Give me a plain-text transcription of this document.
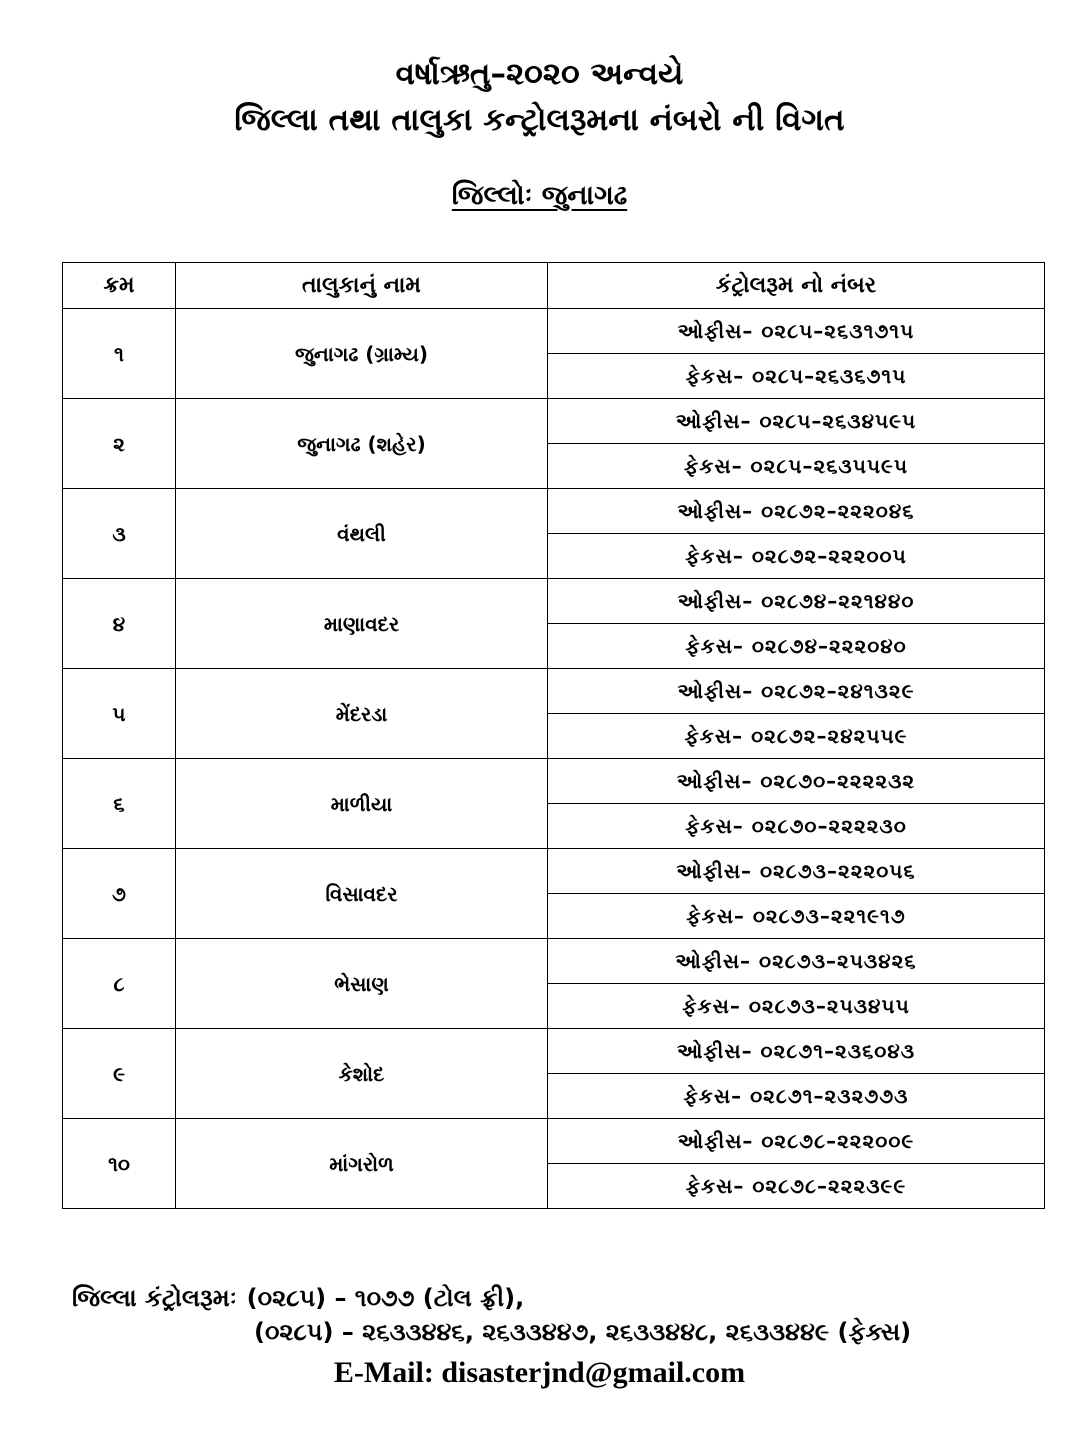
વર્ષાઋતુ–૨૦૨૦ અન્વયે
જિલ્લા તથા તાલુકા કન્ટ્રોલરૂમના નંબરો ની વિગત
જિલ્લોઃ જુનાગઢ
ક્રમ	તાલુકાનું નામ	કંટ્રોલરૂમ નો નંબર
૧	જુનાગઢ (ગ્રામ્ય)	ઓફીસ– ૦૨૮૫–૨૬૩૧૭૧૫
		ફેકસ– ૦૨૮૫–૨૬૩૬૭૧૫
૨	જુનાગઢ (શહેર)	ઓફીસ– ૦૨૮૫–૨૬૩૪૫૯૫
		ફેકસ– ૦૨૮૫–૨૬૩૫૫૯૫
૩	વંથલી	ઓફીસ– ૦૨૮૭૨–૨૨૨૦૪૬
		ફેકસ– ૦૨૮૭૨–૨૨૨૦૦૫
૪	માણાવદર	ઓફીસ– ૦૨૮૭૪–૨૨૧૪૪૦
		ફેકસ– ૦૨૮૭૪–૨૨૨૦૪૦
૫	મેંદરડા	ઓફીસ– ૦૨૮૭૨–૨૪૧૩૨૯
		ફેકસ– ૦૨૮૭૨–૨૪૨૫૫૯
૬	માળીયા	ઓફીસ– ૦૨૮૭૦–૨૨૨૨૩૨
		ફેકસ– ૦૨૮૭૦–૨૨૨૨૩૦
૭	વિસાવદર	ઓફીસ– ૦૨૮૭૩–૨૨૨૦૫૬
		ફેકસ– ૦૨૮૭૩–૨૨૧૯૧૭
૮	ભેસાણ	ઓફીસ– ૦૨૮૭૩–૨૫૩૪૨૬
		ફેકસ– ૦૨૮૭૩–૨૫૩૪૫૫
૯	કેશોદ	ઓફીસ– ૦૨૮૭૧–૨૩૬૦૪૩
		ફેકસ– ૦૨૮૭૧–૨૩૨૭૭૩
૧૦	માંગરોળ	ઓફીસ– ૦૨૮૭૮–૨૨૨૦૦૯
		ફેકસ– ૦૨૮૭૮–૨૨૨૩૯૯
જિલ્લા કંટ્રોલરૂમઃ (૦૨૮૫) – ૧૦૭૭ (ટોલ ફ્રી),
(૦૨૮૫) – ૨૬૩૩૪૪૬, ૨૬૩૩૪૪૭, ૨૬૩૩૪૪૮, ૨૬૩૩૪૪૯ (ફેક્સ)
E-Mail: disasterjnd@gmail.com
